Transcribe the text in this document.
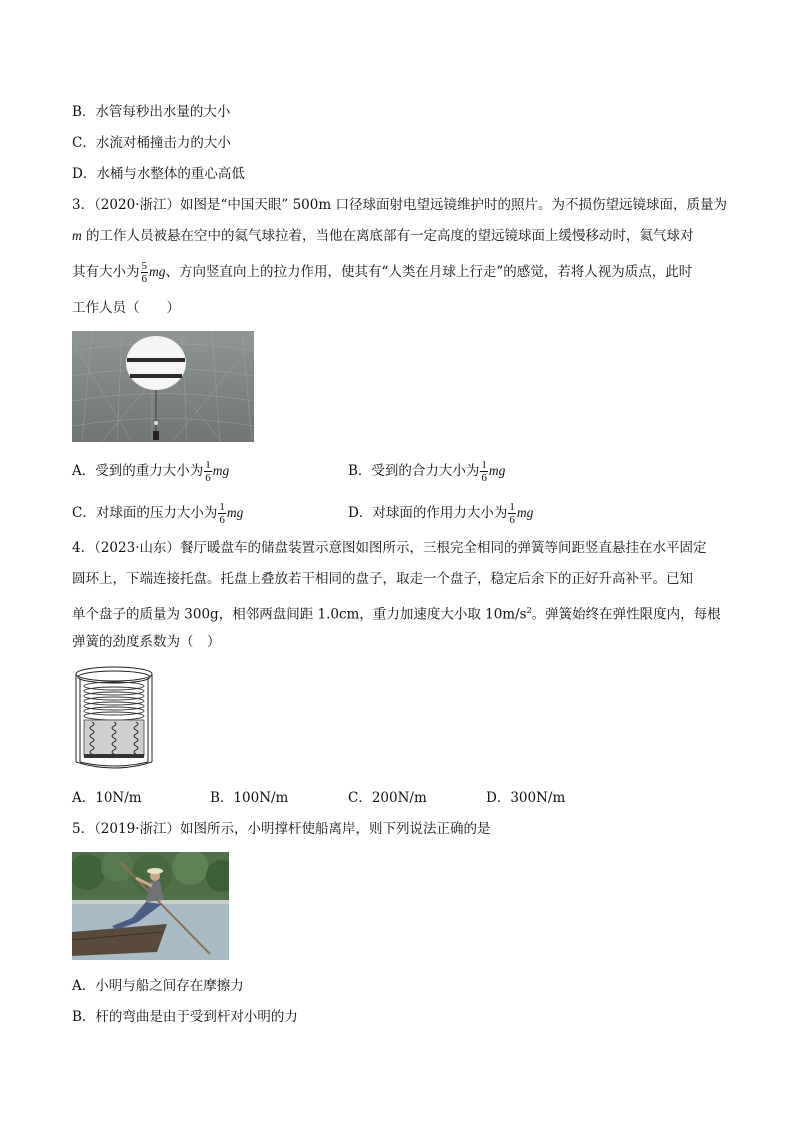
B．水管每秒出水量的大小
C．水流对桶撞击力的大小
D．水桶与水整体的重心高低
3．（2020·浙江）如图是“中国天眼” 500m 口径球面射电望远镜维护时的照片。为不损伤望远镜球面，质量为
m 的工作人员被悬在空中的氦气球拉着，当他在离底部有一定高度的望远镜球面上缓慢移动时，氦气球对
其有大小为 $\frac{5}{6}$ mg、方向竖直向上的拉力作用，使其有“人类在月球上行走”的感觉，若将人视为质点，此时
工作人员（　　）
A．受到的重力大小为 $\frac{1}{6}$ mg	B．受到的合力大小为 $\frac{1}{6}$ mg
C．对球面的压力大小为 $\frac{1}{6}$ mg	D．对球面的作用力大小为 $\frac{1}{6}$ mg
4．（2023·山东）餐厅暖盘车的储盘装置示意图如图所示，三根完全相同的弹簧等间距竖直悬挂在水平固定
圆环上，下端连接托盘。托盘上叠放若干相同的盘子，取走一个盘子，稳定后余下的正好升高补平。已知
单个盘子的质量为 300g，相邻两盘间距 1.0cm，重力加速度大小取 $10m/s^2$。弹簧始终在弹性限度内，每根
弹簧的劲度系数为（　）
A．10N/m	B．100N/m	C．200N/m	D．300N/m
5．（2019·浙江）如图所示，小明撑杆使船离岸，则下列说法正确的是
A．小明与船之间存在摩擦力
B．杆的弯曲是由于受到杆对小明的力
